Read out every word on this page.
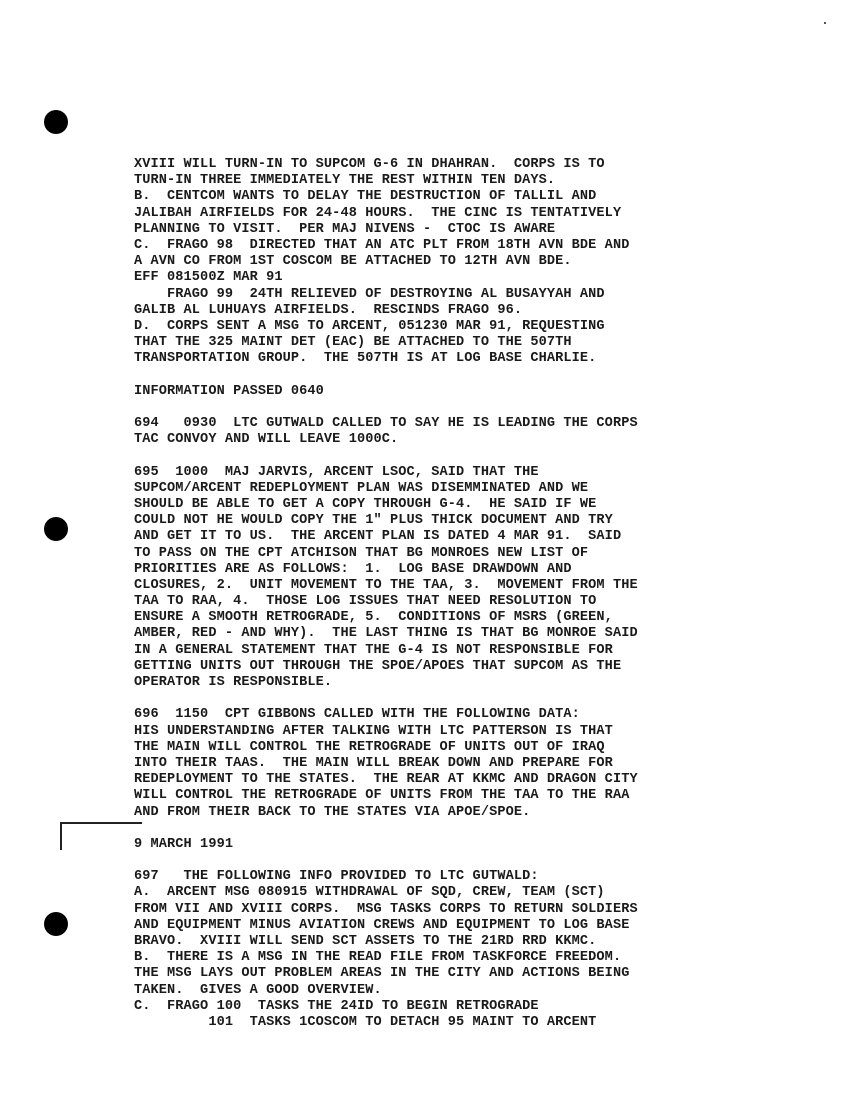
XVIII WILL TURN-IN TO SUPCOM G-6 IN DHAHRAN.  CORPS IS TO
TURN-IN THREE IMMEDIATELY THE REST WITHIN TEN DAYS.
B.  CENTCOM WANTS TO DELAY THE DESTRUCTION OF TALLIL AND
JALIBAH AIRFIELDS FOR 24-48 HOURS.  THE CINC IS TENTATIVELY
PLANNING TO VISIT.  PER MAJ NIVENS -  CTOC IS AWARE
C.  FRAGO 98  DIRECTED THAT AN ATC PLT FROM 18TH AVN BDE AND
A AVN CO FROM 1ST COSCOM BE ATTACHED TO 12TH AVN BDE.
EFF 081500Z MAR 91
FRAGO 99  24TH RELIEVED OF DESTROYING AL BUSAYYAH AND
GALIB AL LUHUAYS AIRFIELDS.  RESCINDS FRAGO 96.
D.  CORPS SENT A MSG TO ARCENT, 051230 MAR 91, REQUESTING
THAT THE 325 MAINT DET (EAC) BE ATTACHED TO THE 507TH
TRANSPORTATION GROUP.  THE 507TH IS AT LOG BASE CHARLIE.
INFORMATION PASSED 0640
694   0930  LTC GUTWALD CALLED TO SAY HE IS LEADING THE CORPS
TAC CONVOY AND WILL LEAVE 1000C.
695  1000  MAJ JARVIS, ARCENT LSOC, SAID THAT THE
SUPCOM/ARCENT REDEPLOYMENT PLAN WAS DISEMMINATED AND WE
SHOULD BE ABLE TO GET A COPY THROUGH G-4.  HE SAID IF WE
COULD NOT HE WOULD COPY THE 1" PLUS THICK DOCUMENT AND TRY
AND GET IT TO US.  THE ARCENT PLAN IS DATED 4 MAR 91.  SAID
TO PASS ON THE CPT ATCHISON THAT BG MONROES NEW LIST OF
PRIORITIES ARE AS FOLLOWS:  1.  LOG BASE DRAWDOWN AND
CLOSURES, 2.  UNIT MOVEMENT TO THE TAA, 3.  MOVEMENT FROM THE
TAA TO RAA, 4.  THOSE LOG ISSUES THAT NEED RESOLUTION TO
ENSURE A SMOOTH RETROGRADE, 5.  CONDITIONS OF MSRS (GREEN,
AMBER, RED - AND WHY).  THE LAST THING IS THAT BG MONROE SAID
IN A GENERAL STATEMENT THAT THE G-4 IS NOT RESPONSIBLE FOR
GETTING UNITS OUT THROUGH THE SPOE/APOES THAT SUPCOM AS THE
OPERATOR IS RESPONSIBLE.
696  1150  CPT GIBBONS CALLED WITH THE FOLLOWING DATA:
HIS UNDERSTANDING AFTER TALKING WITH LTC PATTERSON IS THAT
THE MAIN WILL CONTROL THE RETROGRADE OF UNITS OUT OF IRAQ
INTO THEIR TAAS.  THE MAIN WILL BREAK DOWN AND PREPARE FOR
REDEPLOYMENT TO THE STATES.  THE REAR AT KKMC AND DRAGON CITY
WILL CONTROL THE RETROGRADE OF UNITS FROM THE TAA TO THE RAA
AND FROM THEIR BACK TO THE STATES VIA APOE/SPOE.
9 MARCH 1991
697   THE FOLLOWING INFO PROVIDED TO LTC GUTWALD:
A.  ARCENT MSG 080915 WITHDRAWAL OF SQD, CREW, TEAM (SCT)
FROM VII AND XVIII CORPS.  MSG TASKS CORPS TO RETURN SOLDIERS
AND EQUIPMENT MINUS AVIATION CREWS AND EQUIPMENT TO LOG BASE
BRAVO.  XVIII WILL SEND SCT ASSETS TO THE 21RD RRD KKMC.
B.  THERE IS A MSG IN THE READ FILE FROM TASKFORCE FREEDOM.
THE MSG LAYS OUT PROBLEM AREAS IN THE CITY AND ACTIONS BEING
TAKEN.  GIVES A GOOD OVERVIEW.
C.  FRAGO 100  TASKS THE 24ID TO BEGIN RETROGRADE
101  TASKS 1COSCOM TO DETACH 95 MAINT TO ARCENT
